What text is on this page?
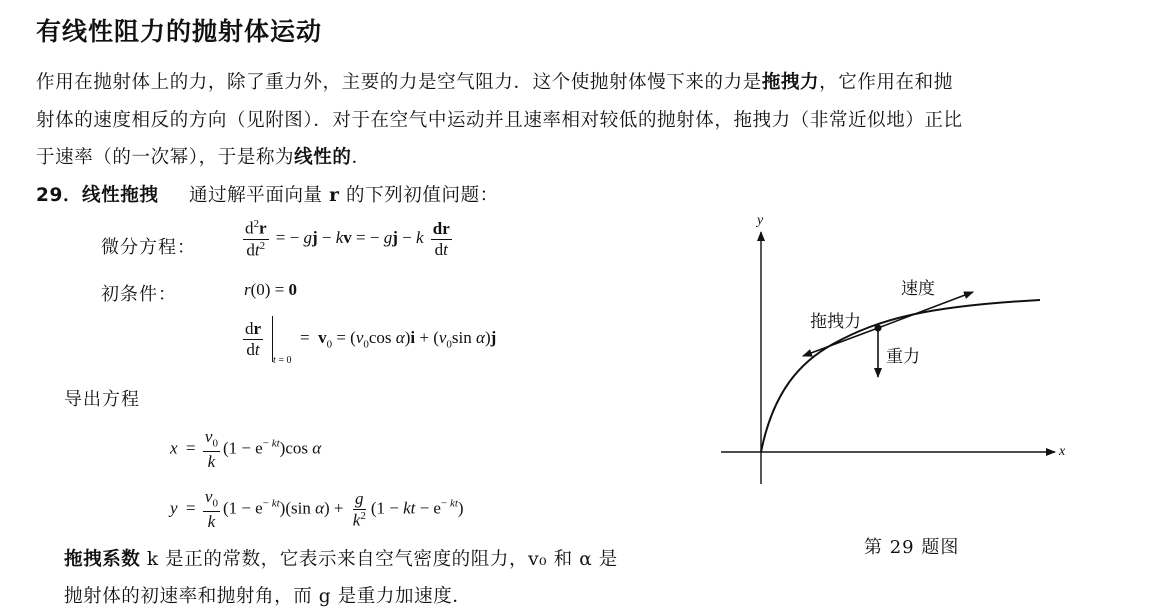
有线性阻力的抛射体运动
作用在抛射体上的力，除了重力外，主要的力是空气阻力．这个使抛射体慢下来的力是拖拽力，它作用在和抛
射体的速度相反的方向（见附图）．对于在空气中运动并且速率相对较低的抛射体，拖拽力（非常近似地）正比
于速率（的一次幂），于是称为线性的．
29．线性拖拽 通过解平面向量 r 的下列初值问题：
微分方程：	$\frac{d^2r}{dt^2}$ = − gj − kv = − gj − k $\frac{dr}{dt}$
初条件：	r(0) = 0
$\frac{dr}{dt}$
$_{t = 0} = v_0 = (v_0\cos$ $\alpha)i + (v_0\sin$ α)j
导出方程
$x = \frac{v_0}{k} (1 - e^{- kt})\cos$ α
$y = \frac{v_0}{k} (1 - e^{- kt})(\sin$ $\alpha) + \frac{g}{k^2} (1$ − kt − $e^{- kt}$)
拖拽系数 k 是正的常数，它表示来自空气密度的阻力，v₀ 和 α 是
抛射体的初速率和抛射角，而 g 是重力加速度．
y
x
速度
拖拽力
重力
第 29 题图
